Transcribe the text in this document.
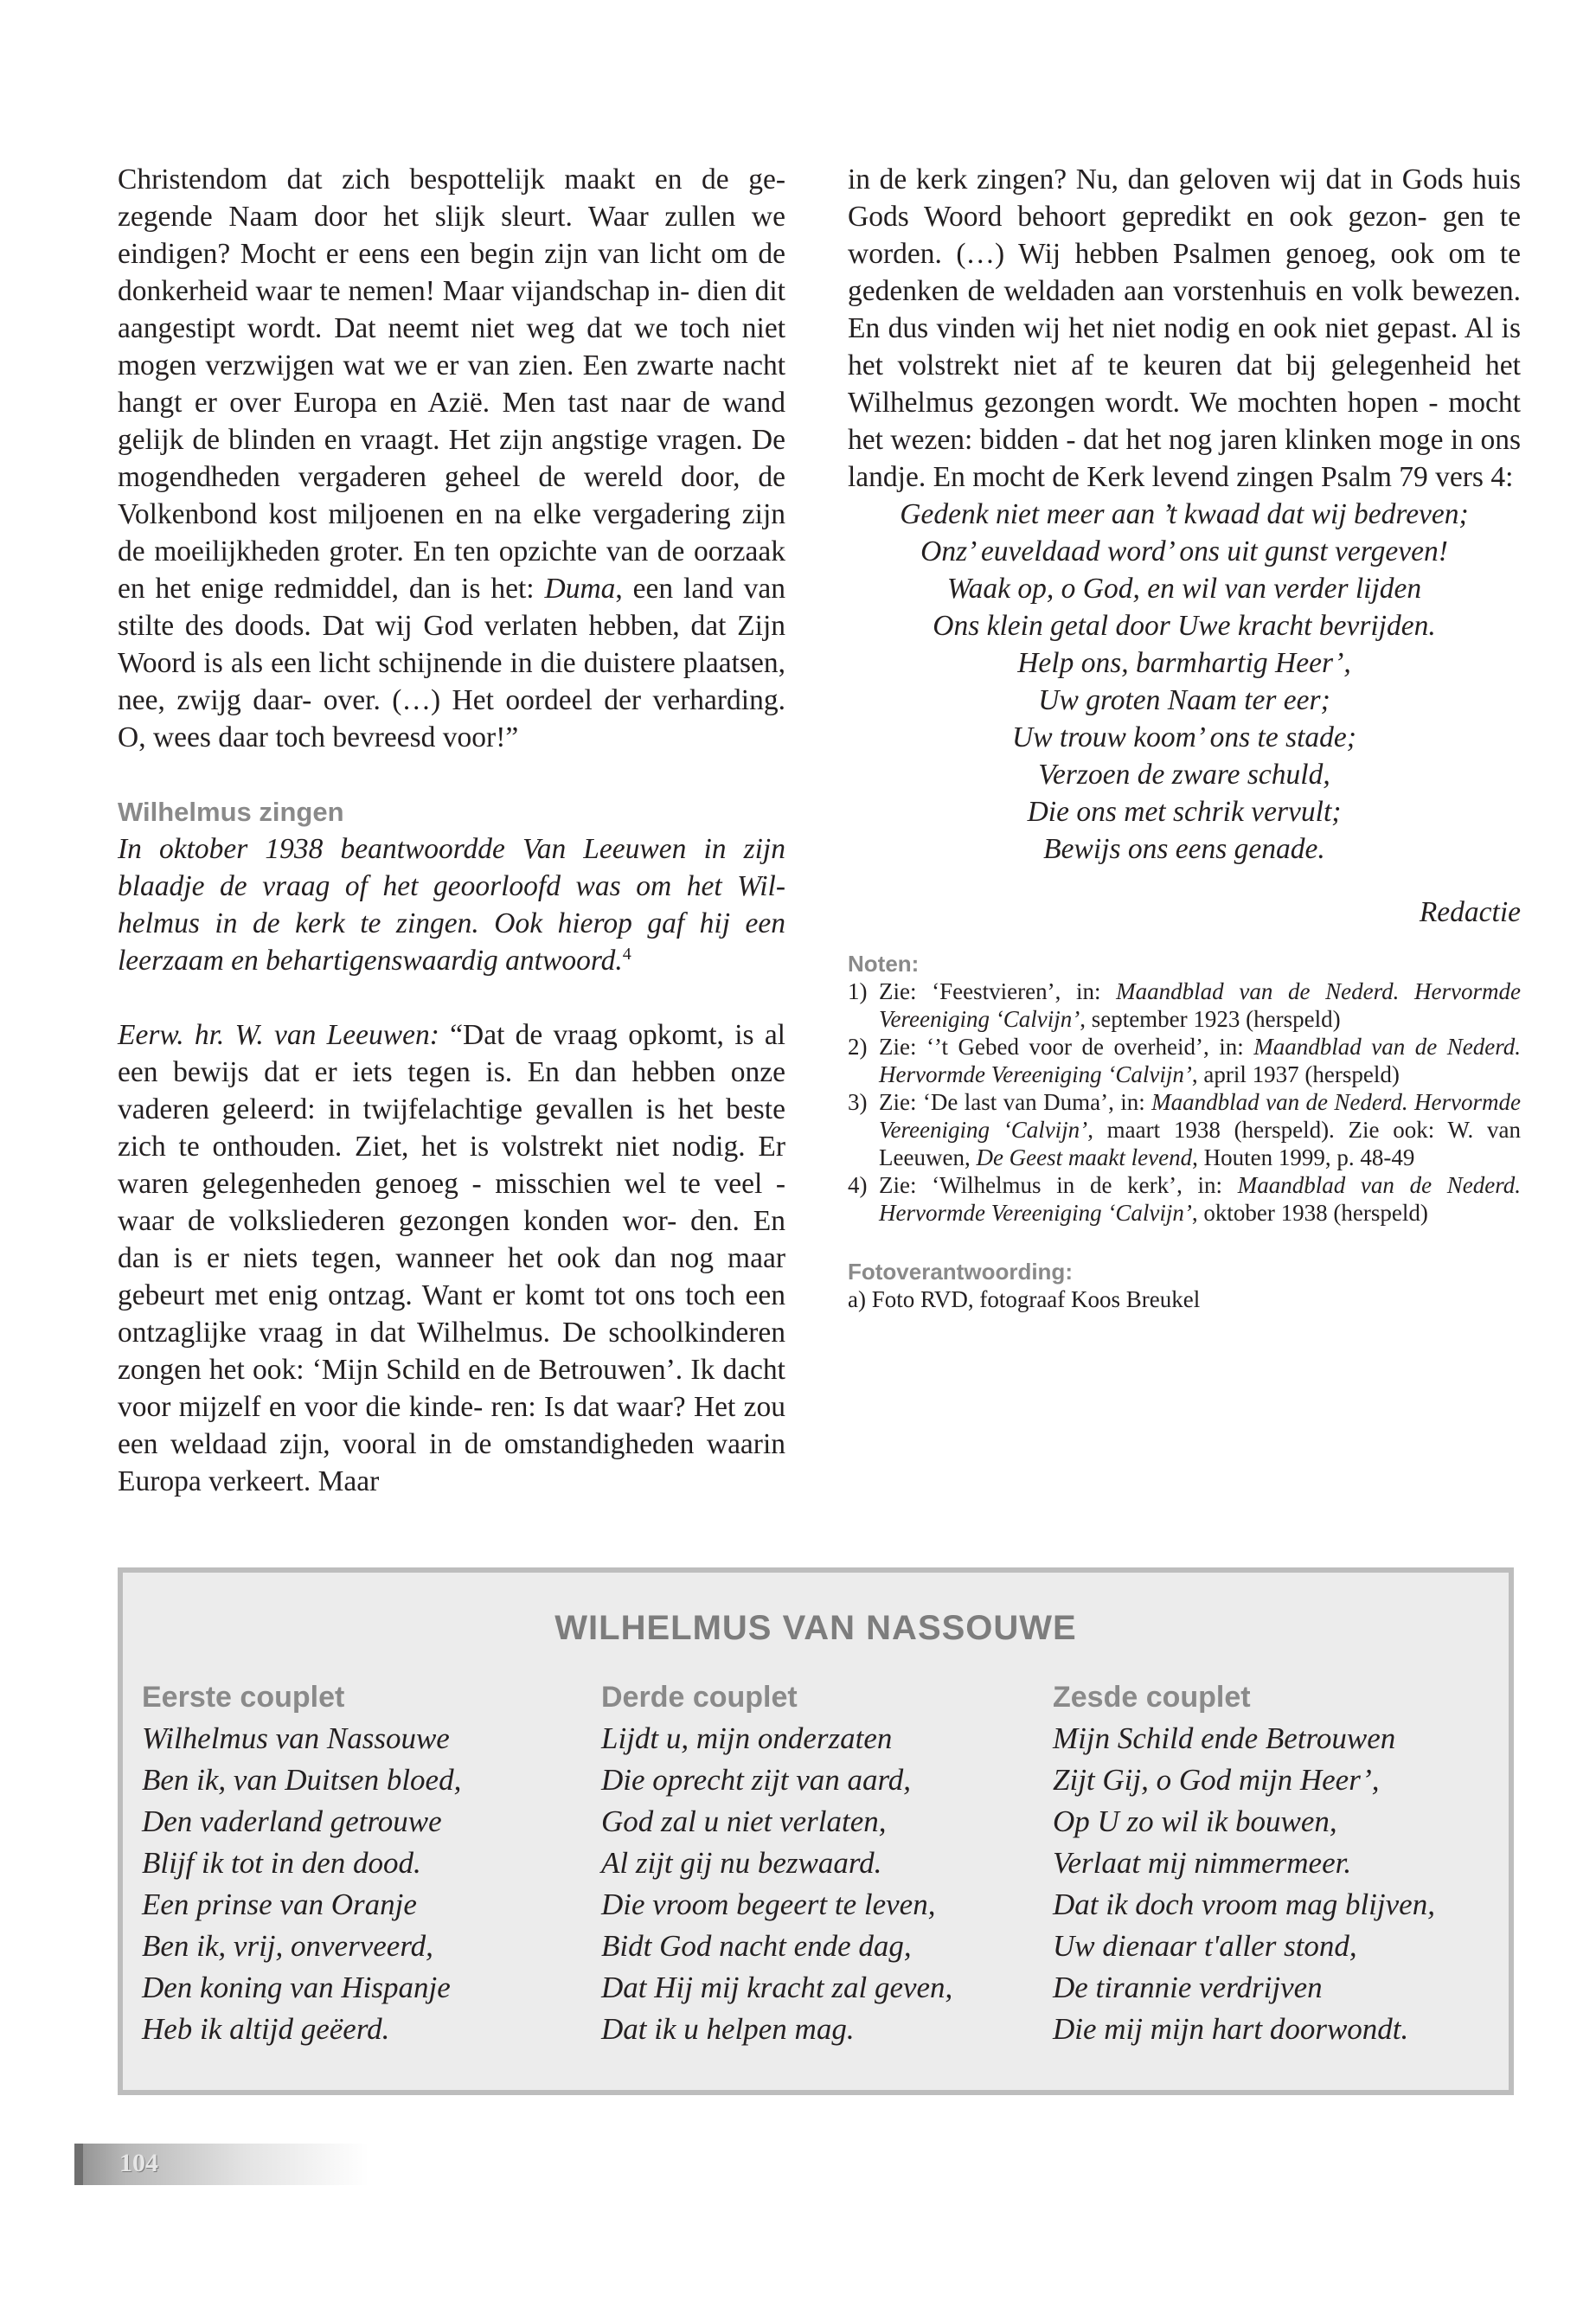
Christendom dat zich bespottelijk maakt en de ge- zegende Naam door het slijk sleurt. Waar zullen we eindigen? Mocht er eens een begin zijn van licht om de donkerheid waar te nemen! Maar vijandschap in- dien dit aangestipt wordt. Dat neemt niet weg dat we toch niet mogen verzwijgen wat we er van zien. Een zwarte nacht hangt er over Europa en Azië. Men tast naar de wand gelijk de blinden en vraagt. Het zijn angstige vragen. De mogendheden vergaderen geheel de wereld door, de Volkenbond kost miljoenen en na elke vergadering zijn de moeilijkheden groter. En ten opzichte van de oorzaak en het enige redmiddel, dan is het: Duma, een land van stilte des doods. Dat wij God verlaten hebben, dat Zijn Woord is als een licht schijnende in die duistere plaatsen, nee, zwijg daar- over. (…) Het oordeel der verharding. O, wees daar toch bevreesd voor!”

Wilhelmus zingen

In oktober 1938 beantwoordde Van Leeuwen in zijn blaadje de vraag of het geoorloofd was om het Wil- helmus in de kerk te zingen. Ook hierop gaf hij een leerzaam en behartigenswaardig antwoord.$^4$

Eerw. hr. W. van Leeuwen: “Dat de vraag opkomt, is al een bewijs dat er iets tegen is. En dan hebben onze vaderen geleerd: in twijfelachtige gevallen is het beste zich te onthouden. Ziet, het is volstrekt niet nodig. Er waren gelegenheden genoeg - misschien wel te veel - waar de volksliederen gezongen konden wor- den. En dan is er niets tegen, wanneer het ook dan nog maar gebeurt met enig ontzag. Want er komt tot ons toch een ontzaglijke vraag in dat Wilhelmus. De schoolkinderen zongen het ook: ‘Mijn Schild en de Betrouwen’. Ik dacht voor mijzelf en voor die kinde- ren: Is dat waar? Het zou een weldaad zijn, vooral in de omstandigheden waarin Europa verkeert. Maar

in de kerk zingen? Nu, dan geloven wij dat in Gods huis Gods Woord behoort gepredikt en ook gezon- gen te worden. (…) Wij hebben Psalmen genoeg, ook om te gedenken de weldaden aan vorstenhuis en volk bewezen. En dus vinden wij het niet nodig en ook niet gepast. Al is het volstrekt niet af te keuren dat bij gelegenheid het Wilhelmus gezongen wordt. We mochten hopen - mocht het wezen: bidden - dat het nog jaren klinken moge in ons landje. En mocht de Kerk levend zingen Psalm 79 vers 4:

Gedenk niet meer aan ’t kwaad dat wij bedreven;
Onz’ euveldaad word’ ons uit gunst vergeven!
Waak op, o God, en wil van verder lijden
Ons klein getal door Uwe kracht bevrijden.
Help ons, barmhartig Heer’,
Uw groten Naam ter eer;
Uw trouw koom’ ons te stade;
Verzoen de zware schuld,
Die ons met schrik vervult;
Bewijs ons eens genade.
Redactie
Noten:
1) Zie: ‘Feestvieren’, in: Maandblad van de Nederd. Hervormde Vereeniging ‘Calvijn’, september 1923 (herspeld)
2) Zie: ‘’t Gebed voor de overheid’, in: Maandblad van de Nederd. Hervormde Vereeniging ‘Calvijn’, april 1937 (herspeld)
3) Zie: ‘De last van Duma’, in: Maandblad van de Nederd. Hervormde Vereeniging ‘Calvijn’, maart 1938 (herspeld). Zie ook: W. van Leeuwen, De Geest maakt levend, Houten 1999, p. 48-49
4) Zie: ‘Wilhelmus in de kerk’, in: Maandblad van de Nederd. Hervormde Vereeniging ‘Calvijn’, oktober 1938 (herspeld)
Fotoverantwoording:
a) Foto RVD, fotograaf Koos Breukel
WILHELMUS VAN NASSOUWE
Eerste couplet
Wilhelmus van Nassouwe
Ben ik, van Duitsen bloed,
Den vaderland getrouwe
Blijf ik tot in den dood.
Een prinse van Oranje
Ben ik, vrij, onverveerd,
Den koning van Hispanje
Heb ik altijd geëerd.
Derde couplet
Lijdt u, mijn onderzaten
Die oprecht zijt van aard,
God zal u niet verlaten,
Al zijt gij nu bezwaard.
Die vroom begeert te leven,
Bidt God nacht ende dag,
Dat Hij mij kracht zal geven,
Dat ik u helpen mag.
Zesde couplet
Mijn Schild ende Betrouwen
Zijt Gij, o God mijn Heer’,
Op U zo wil ik bouwen,
Verlaat mij nimmermeer.
Dat ik doch vroom mag blijven,
Uw dienaar t'aller stond,
De tirannie verdrijven
Die mij mijn hart doorwondt.
104
